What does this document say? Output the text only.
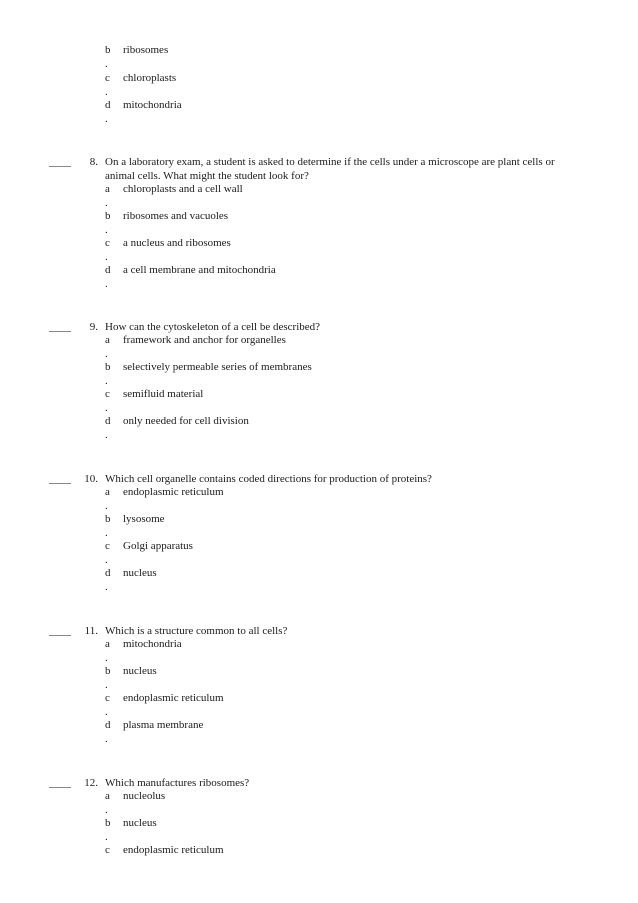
b ribosomes
.
c chloroplasts
.
d mitochondria
.
____	8. On a laboratory exam, a student is asked to determine if the cells under a microscope are plant cells or animal cells. What might the student look for?
a chloroplasts and a cell wall
.
b ribosomes and vacuoles
.
c a nucleus and ribosomes
.
d a cell membrane and mitochondria
.
____	9. How can the cytoskeleton of a cell be described?
a framework and anchor for organelles
.
b selectively permeable series of membranes
.
c semifluid material
.
d only needed for cell division
.
____	10. Which cell organelle contains coded directions for production of proteins?
a endoplasmic reticulum
.
b lysosome
.
c Golgi apparatus
.
d nucleus
.
____	11. Which is a structure common to all cells?
a mitochondria
.
b nucleus
.
c endoplasmic reticulum
.
d plasma membrane
.
____	12. Which manufactures ribosomes?
a nucleolus
.
b nucleus
.
c endoplasmic reticulum
